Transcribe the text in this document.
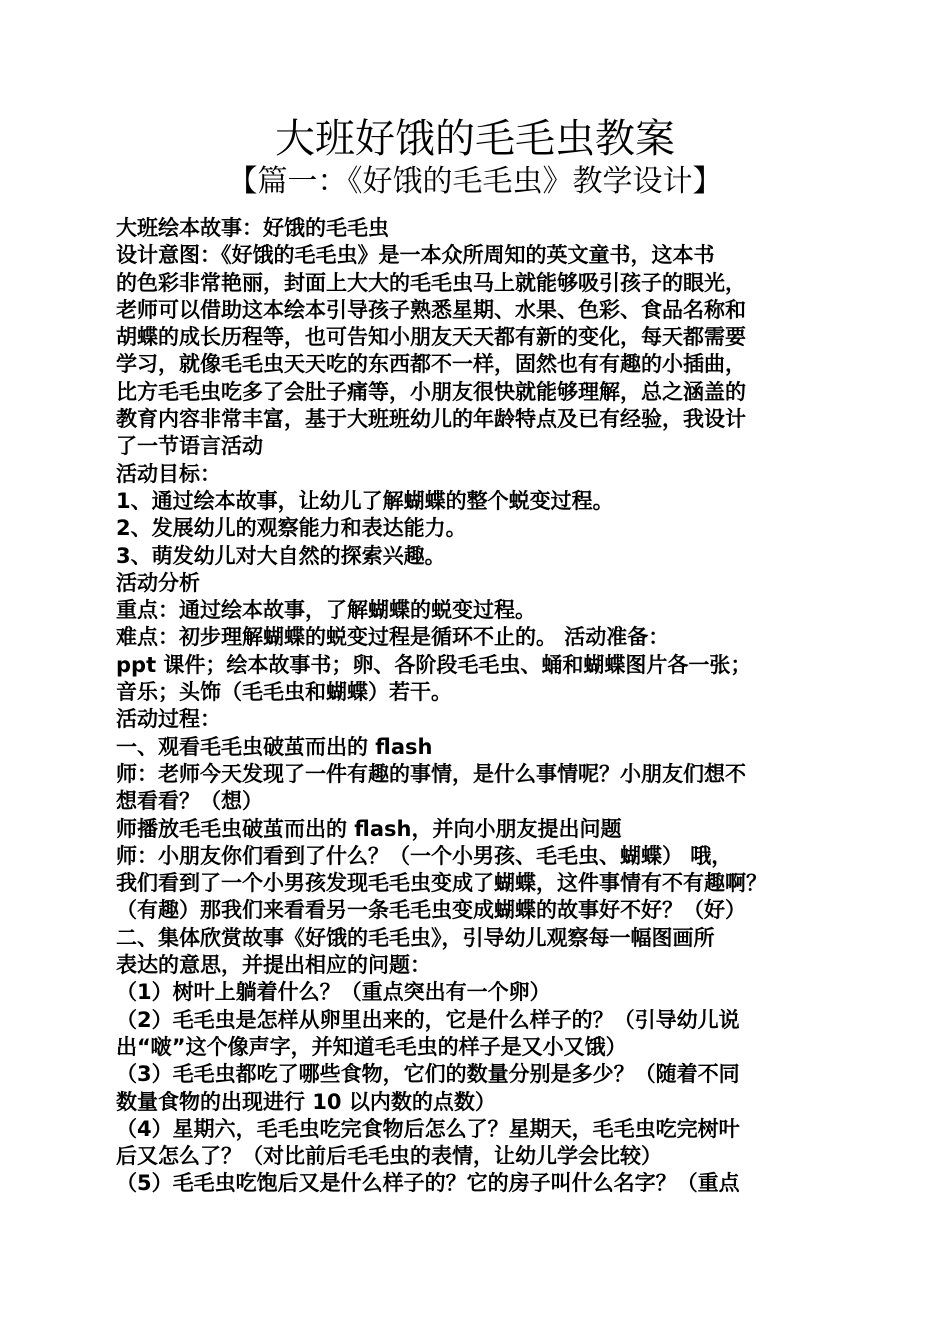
大班好饿的毛毛虫教案
【篇一：《好饿的毛毛虫》教学设计】
大班绘本故事：好饿的毛毛虫
设计意图：《好饿的毛毛虫》是一本众所周知的英文童书，这本书
的色彩非常艳丽，封面上大大的毛毛虫马上就能够吸引孩子的眼光，
老师可以借助这本绘本引导孩子熟悉星期、水果、色彩、食品名称和
胡蝶的成长历程等，也可告知小朋友天天都有新的变化，每天都需要
学习，就像毛毛虫天天吃的东西都不一样，固然也有有趣的小插曲，
比方毛毛虫吃多了会肚子痛等，小朋友很快就能够理解，总之涵盖的
教育内容非常丰富，基于大班班幼儿的年龄特点及已有经验，我设计
了一节语言活动
活动目标：
1、通过绘本故事，让幼儿了解蝴蝶的整个蜕变过程。
2、发展幼儿的观察能力和表达能力。
3、萌发幼儿对大自然的探索兴趣。
活动分析
重点：通过绘本故事，了解蝴蝶的蜕变过程。
难点：初步理解蝴蝶的蜕变过程是循环不止的。 活动准备：
ppt 课件；绘本故事书；卵、各阶段毛毛虫、蛹和蝴蝶图片各一张；
音乐；头饰（毛毛虫和蝴蝶）若干。
活动过程：
一、观看毛毛虫破茧而出的 flash
师：老师今天发现了一件有趣的事情，是什么事情呢？小朋友们想不
想看看？（想）
师播放毛毛虫破茧而出的 flash，并向小朋友提出问题
师：小朋友你们看到了什么？（一个小男孩、毛毛虫、蝴蝶） 哦，
我们看到了一个小男孩发现毛毛虫变成了蝴蝶，这件事情有不有趣啊？
（有趣）那我们来看看另一条毛毛虫变成蝴蝶的故事好不好？（好）
二、集体欣赏故事《好饿的毛毛虫》，引导幼儿观察每一幅图画所
表达的意思，并提出相应的问题：
（1）树叶上躺着什么？（重点突出有一个卵）
（2）毛毛虫是怎样从卵里出来的，它是什么样子的？（引导幼儿说
出“啵”这个像声字，并知道毛毛虫的样子是又小又饿）
（3）毛毛虫都吃了哪些食物，它们的数量分别是多少？（随着不同
数量食物的出现进行 10 以内数的点数）
（4）星期六，毛毛虫吃完食物后怎么了？星期天，毛毛虫吃完树叶
后又怎么了？（对比前后毛毛虫的表情，让幼儿学会比较）
（5）毛毛虫吃饱后又是什么样子的？它的房子叫什么名字？（重点
